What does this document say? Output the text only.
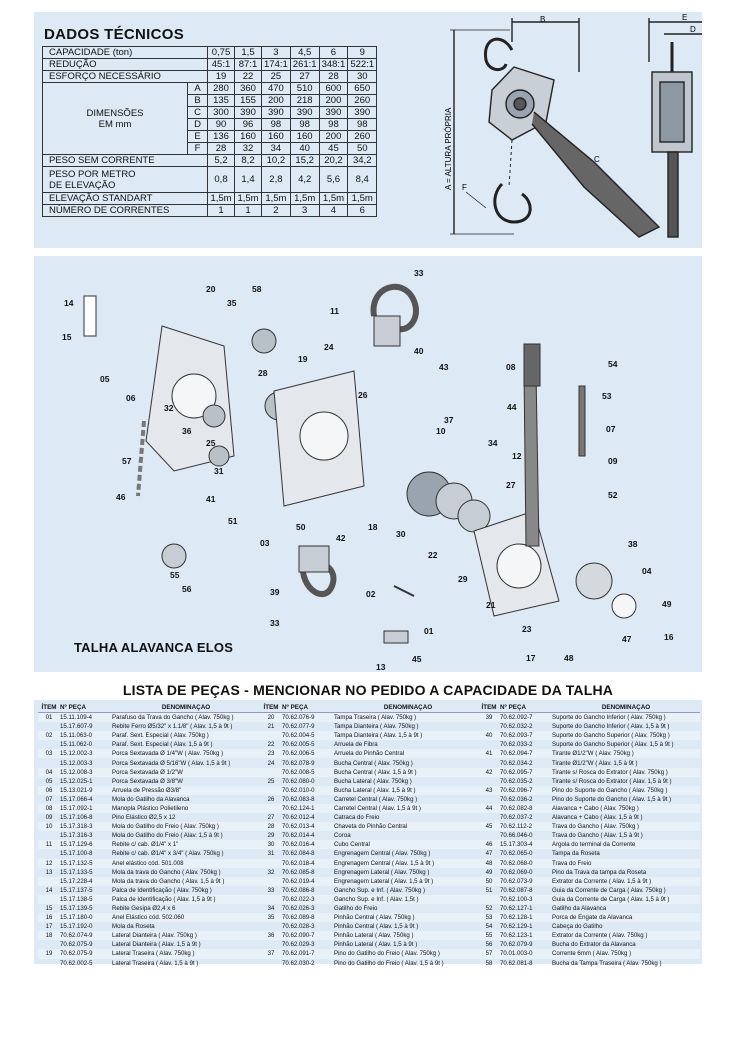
DADOS TÉCNICOS
CAPACIDADE (ton)		0,75	1,5	3	4,5	6	9
REDUÇÃO		45:1	87:1	174:1	261:1	348:1	522:1
ESFORÇO NECESSÁRIO		19	22	25	27	28	30
DIMENSÕES
EM mm	A	280	360	470	510	600	650
	B	135	155	200	218	200	260
	C	300	390	390	390	390	390
	D	90	96	98	98	98	98
	E	136	160	160	160	200	260
	F	28	32	34	40	45	50
PESO SEM CORRENTE		5,2	8,2	10,2	15,2	20,2	34,2
PESO POR METRO
DE ELEVAÇÃO		0,8	1,4	2,8	4,2	5,6	8,4
ELEVAÇÃO STANDART		1,5m	1,5m	1,5m	1,5m	1,5m	1,5m
NÚMERO DE CORRENTES		1	1	2	3	4	6
B	E
D
C
A = ALTURA PRÓPRIA F
14
20	58
33
15
35
11
05
06
19
24	40
28
43	08	54
32
26	53
36	10
37
25
44
34
07
57	12	09
31
27
46	41	52
51
50	18
30
42
03
22
38
55	04
56	39	02
29
21	49
33
23
01
16
47
17	48
45
13
TALHA ALAVANCA ELOS
LISTA DE PEÇAS - MENCIONAR NO PEDIDO A CAPACIDADE DA TALHA
ÍTEM Nº PEÇA	DENOMINAÇÃO
01	15.11.109-4	Parafuso da Trava do Gancho ( Alav. 750kg )
15.17.607-9	Rebite Ferro Ø5/32" x 1.1/8" ( Alav. 1,5 à 9t )
02	15.11.063-0	Paraf. Sext. Especial ( Alav. 750kg )
15.11.062-0	Paraf. Sext. Especial ( Alav. 1,5 à 9t )
03	15.12.002-3	Porca Sextavada Ø 1/4"W ( Alav. 750kg )
15.12.003-3	Porca Sextavada Ø 5/16"W ( Alav. 1,5 à 9t )
04	15.12.008-3	Porca Sextavada Ø 1/2"W
05	15.12.025-1	Porca Sextavada Ø 3/8"W
06	15.13.021-9	Arruela de Pressão Ø3/8"
07	15.17.066-4	Mola do Gatilho da Alavanca
08	15.17.092-1	Manopla Plástico Polietileno
09	15.17.106-8	Pino Elástico Ø2,5 x 12
10	15.17.318-3	Mola do Gatilho do Freio ( Alav. 750kg )
15.17.316-3	Mola do Gatilho do Freio ( Alav. 1,5 à 9t )
11	15.17.129-6	Rebite c/ cab. Ø1/4" x 1"
15.17.100-8	Rebite c/ cab. Ø1/4" x 3/4" ( Alav. 750kg )
12	15.17.132-5	Anel elástico cód. 501.008
13	15.17.133-5	Mola da trava do Gancho ( Alav. 750kg )
15.17.228-4	Mola da trava do Gancho ( Alav. 1,5 à 9t )
14	15.17.137-5	Palca de Identificação ( Alav. 750kg )
15.17.138-5	Palca de Identificação ( Alav. 1,5 à 9t )
15	15.17.139-5	Rebite Gesipa Ø2,4 x 6
16	15.17.180-0	Anel Elástico cód. 502.060
17	15.17.192-0	Mola da Roseta
18	70.62.074-9	Lateral Dianteira ( Alav. 750kg )
70.62.075-9	Lateral Dianteira ( Alav. 1,5 à 9t )
19	70.62.075-9	Lateral Traseira ( Alav. 750kg )
70.62.002-5	Lateral Traseira ( Alav. 1,5 à 9t )
ÍTEM Nº PEÇA	DENOMINAÇÃO
20	70.62.076-9	Tampa Traseira ( Alav. 750kg )
21	70.62.077-9	Tampa Dianteira ( Alav. 750kg )
70.62.004-5	Tampa Dianteira ( Alav. 1,5 à 9t )
22	70.62.005-5	Arruela de Fibra
23	70.62.006-5	Arruela do Pinhão Central
24	70.62.078-9	Bucha Central ( Alav. 750kg )
70.62.008-5	Bucha Central ( Alav. 1,5 à 9t )
25	70.62.080-0	Bucha Lateral ( Alav. 750kg )
70.62.010-0	Bucha Lateral ( Alav. 1,5 à 9t )
26	70.62.083-8	Carretel Central ( Alav. 750kg )
70.62.124-1	Carretel Central ( Alav. 1,5 à 9t )
27	70.62.012-4	Catraca do Freio
28	70.62.013-4	Chaveta do Pinhão Central
29	70.62.014-4	Coroa
30	70.62.016-4	Cubo Central
31	70.62.084-8	Engrenagem Central ( Alav. 750kg )
70.62.018-4	Engrenagem Central ( Alav. 1,5 à 9t )
32	70.62.085-8	Engrenagem Lateral ( Alav. 750kg )
70.62.019-4	Engrenagem Lateral ( Alav. 1,5 à 9t )
33	70.62.086-8	Gancho Sup. e Inf. ( Alav. 750kg )
70.62.022-3	Gancho Sup. e Inf. ( Alav. 1,5t )
34	70.62.026-3	Gatilho do Freio
35	70.62.089-8	Pinhão Central ( Alav. 750kg )
70.62.028-3	Pinhão Central ( Alav. 1,5 à 9t )
36	70.62.090-7	Pinhão Lateral ( Alav. 750kg )
70.62.029-3	Pinhão Lateral ( Alav. 1,5 à 9t )
37	70.62.091-7	Pino do Gatilho do Freio ( Alav. 750kg )
70.62.030-2	Pino do Gatilho do Freio ( Alav. 1,5 à 9t )
ÍTEM Nº PEÇA	DENOMINAÇÃO
39	70.62.092-7	Suporte do Gancho Inferior ( Alav. 750kg )
70.62.032-2	Suporte do Gancho Inferior ( Alav. 1,5 à 9t )
40	70.62.093-7	Suporte do Gancho Superior ( Alav. 750kg )
70.62.033-2	Suporte do Gancho Superior ( Alav. 1,5 à 9t )
41	70.62.094-7	Tirante Ø1/2"W ( Alav. 750kg )
70.62.034-2	Tirante Ø1/2"W ( Alav. 1,5 à 9t )
42	70.62.095-7	Tirante s/ Rosca do Extrator ( Alav. 750kg )
70.62.035-2	Tirante s/ Rosca do Extrator ( Alav. 1,5 à 9t )
43	70.62.096-7	Pino do Suporte do Gancho ( Alav. 750kg )
70.62.036-2	Pino do Suporte do Gancho ( Alav. 1,5 à 9t )
44	70.62.082-8	Alavanca + Cabo ( Alav. 750kg )
70.62.037-2	Alavanca + Cabo ( Alav. 1,5 à 9t )
45	70.62.112-2	Trava do Gancho ( Alav. 750kg )
70.66.046-0	Trava do Gancho ( Alav. 1,5 à 9t )
46	15.17.303-4	Argola do terminal da Corrente
47	70.62.065-0	Tampa da Roseta
48	70.62.068-0	Trava do Freio
49	70.62.069-0	Pino da Trava da tampa da Roseta
50	70.62.073-9	Extrator da Corrente ( Alav. 1,5 à 9t )
51	70.62.087-8	Guia da Corrente de Carga ( Alav. 750kg )
70.62.100-3	Guia da Corrente de Carga ( Alav. 1,5 à 9t )
52	70.62.127-1	Gatilho da Alavanca
53	70.62.128-1	Porca de Engate da Alavanca
54	70.62.129-1	Cabeça do Gatilho
55	70.62.123-1	Extrator da Corrente ( Alav. 750kg )
56	70.62.079-9	Bucha do Extrator da Alavanca
57	70.01.003-0	Corrente 6mm ( Alav. 750kg )
58	70.62.081-8	Bucha da Tampa Traseira ( Alav. 750kg )
